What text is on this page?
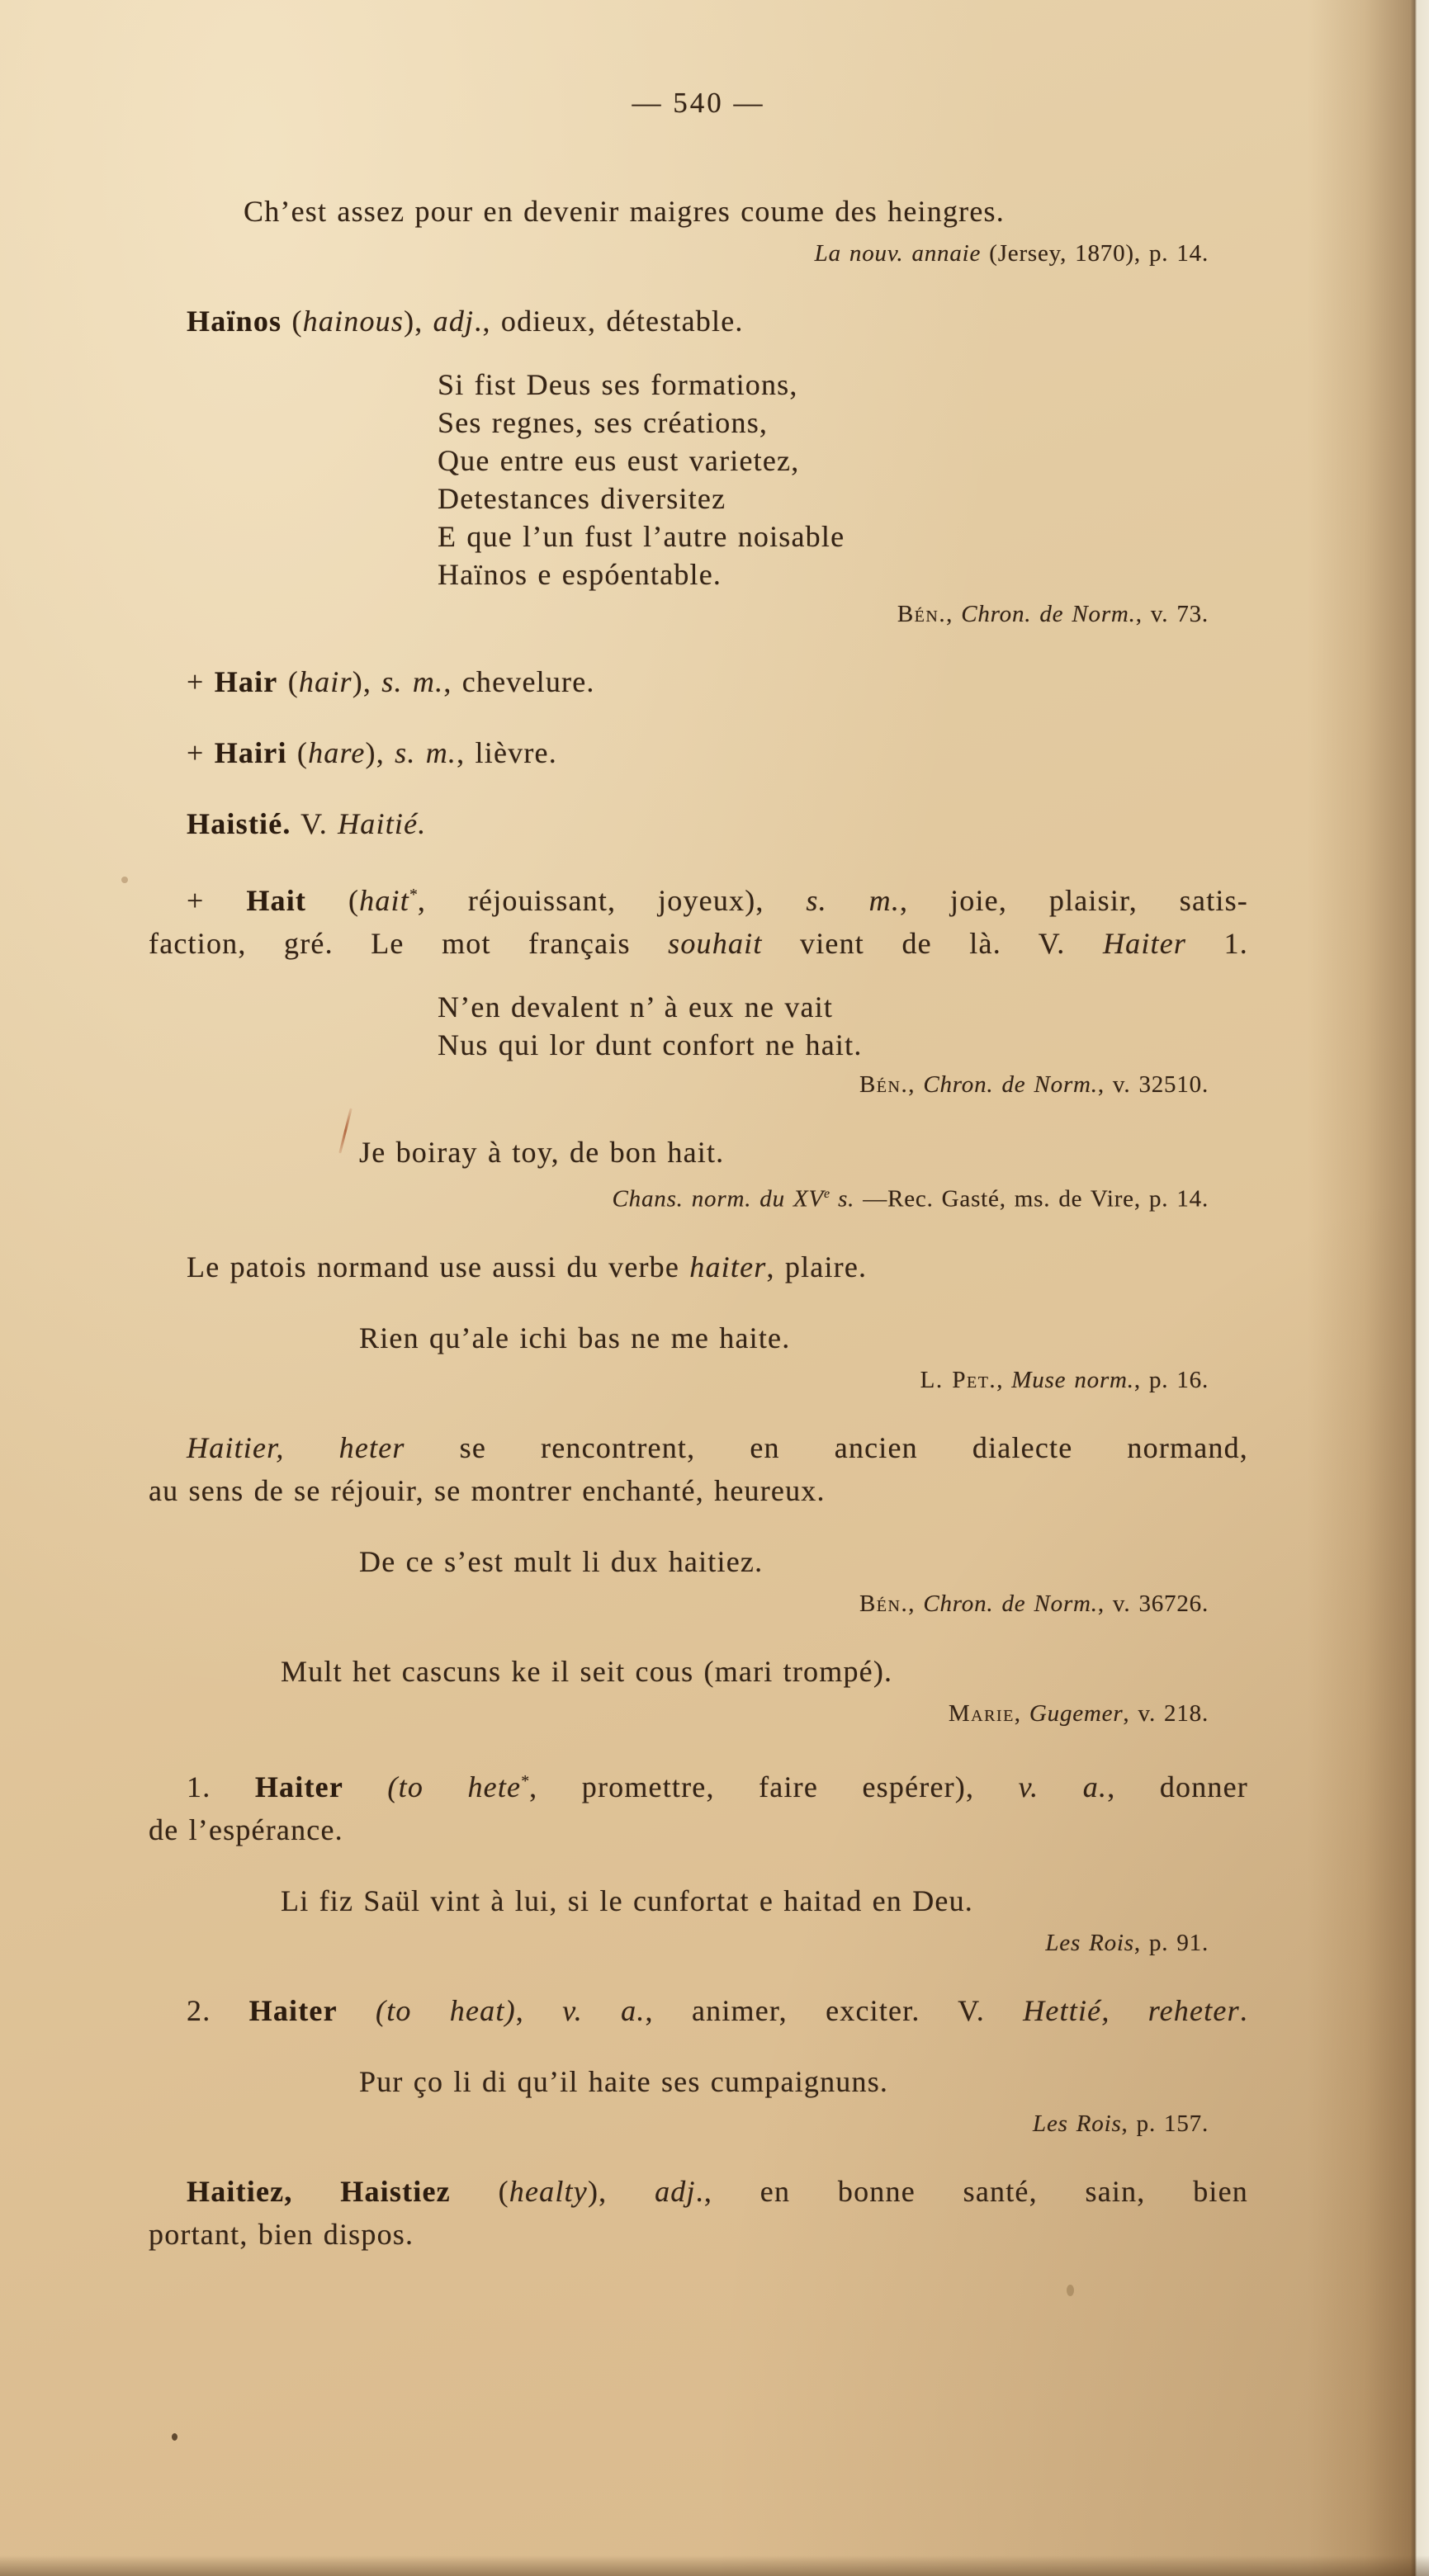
— 540 —
Ch’est assez pour en devenir maigres coume des heingres.
La nouv. annaie (Jersey, 1870), p. 14.
Haïnos (hainous), adj., odieux, détestable.
Si fist Deus ses formations,
Ses regnes, ses créations,
Que entre eus eust varietez,
Detestances diversitez
E que l’un fust l’autre noisable
Haïnos e espóentable.
Bén., Chron. de Norm., v. 73.
+ Hair (hair), s. m., chevelure.
+ Hairi (hare), s. m., lièvre.
Haistié. V. Haitié.
+ Hait (hait*, réjouissant, joyeux), s. m., joie, plaisir, satis-
faction, gré. Le mot français souhait vient de là. V. Haiter 1.
N’en devalent n’ à eux ne vait
Nus qui lor dunt confort ne hait.
Bén., Chron. de Norm., v. 32510.
Je boiray à toy, de bon hait.
Chans. norm. du XVe s. —Rec. Gasté, ms. de Vire, p. 14.
Le patois normand use aussi du verbe haiter, plaire.
Rien qu’ale ichi bas ne me haite.
L. Pet., Muse norm., p. 16.
Haitier, heter se rencontrent, en ancien dialecte normand,
au sens de se réjouir, se montrer enchanté, heureux.
De ce s’est mult li dux haitiez.
Bén., Chron. de Norm., v. 36726.
Mult het cascuns ke il seit cous (mari trompé).
Marie, Gugemer, v. 218.
1. Haiter (to hete*, promettre, faire espérer), v. a., donner
de l’espérance.
Li fiz Saül vint à lui, si le cunfortat e haitad en Deu.
Les Rois, p. 91.
2. Haiter (to heat), v. a., animer, exciter. V. Hettié, reheter.
Pur ço li di qu’il haite ses cumpaignuns.
Les Rois, p. 157.
Haitiez, Haistiez (healty), adj., en bonne santé, sain, bien
portant, bien dispos.
